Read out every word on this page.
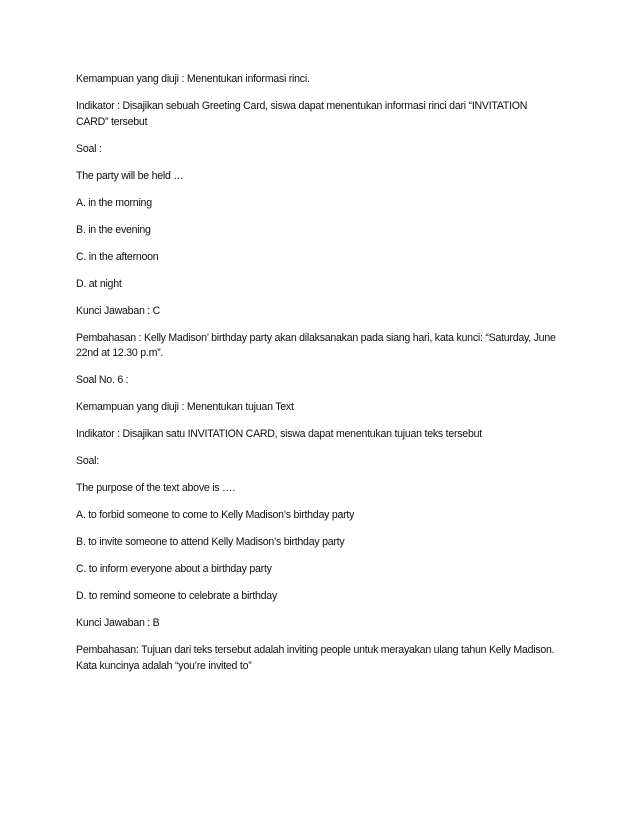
Kemampuan yang diuji : Menentukan informasi rinci.

Indikator : Disajikan sebuah Greeting Card, siswa dapat menentukan informasi rinci dari “INVITATION CARD” tersebut

Soal :

The party will be held …

A. in the morning

B. in the evening

C. in the afternoon

D. at night

Kunci Jawaban : C

Pembahasan : Kelly Madison’ birthday party akan dilaksanakan pada siang hari, kata kunci: “Saturday, June 22nd at 12.30 p.m”.

Soal No. 6 :

Kemampuan yang diuji : Menentukan tujuan Text

Indikator : Disajikan satu INVITATION CARD, siswa dapat menentukan tujuan teks tersebut

Soal:

The purpose of the text above is ….

A. to forbid someone to come to Kelly Madison’s birthday party

B. to invite someone to attend Kelly Madison’s birthday party

C. to inform everyone about a birthday party

D. to remind someone to celebrate a birthday

Kunci Jawaban : B

Pembahasan: Tujuan dari teks tersebut adalah inviting people untuk merayakan ulang tahun Kelly Madison. Kata kuncinya adalah “you’re invited to”
